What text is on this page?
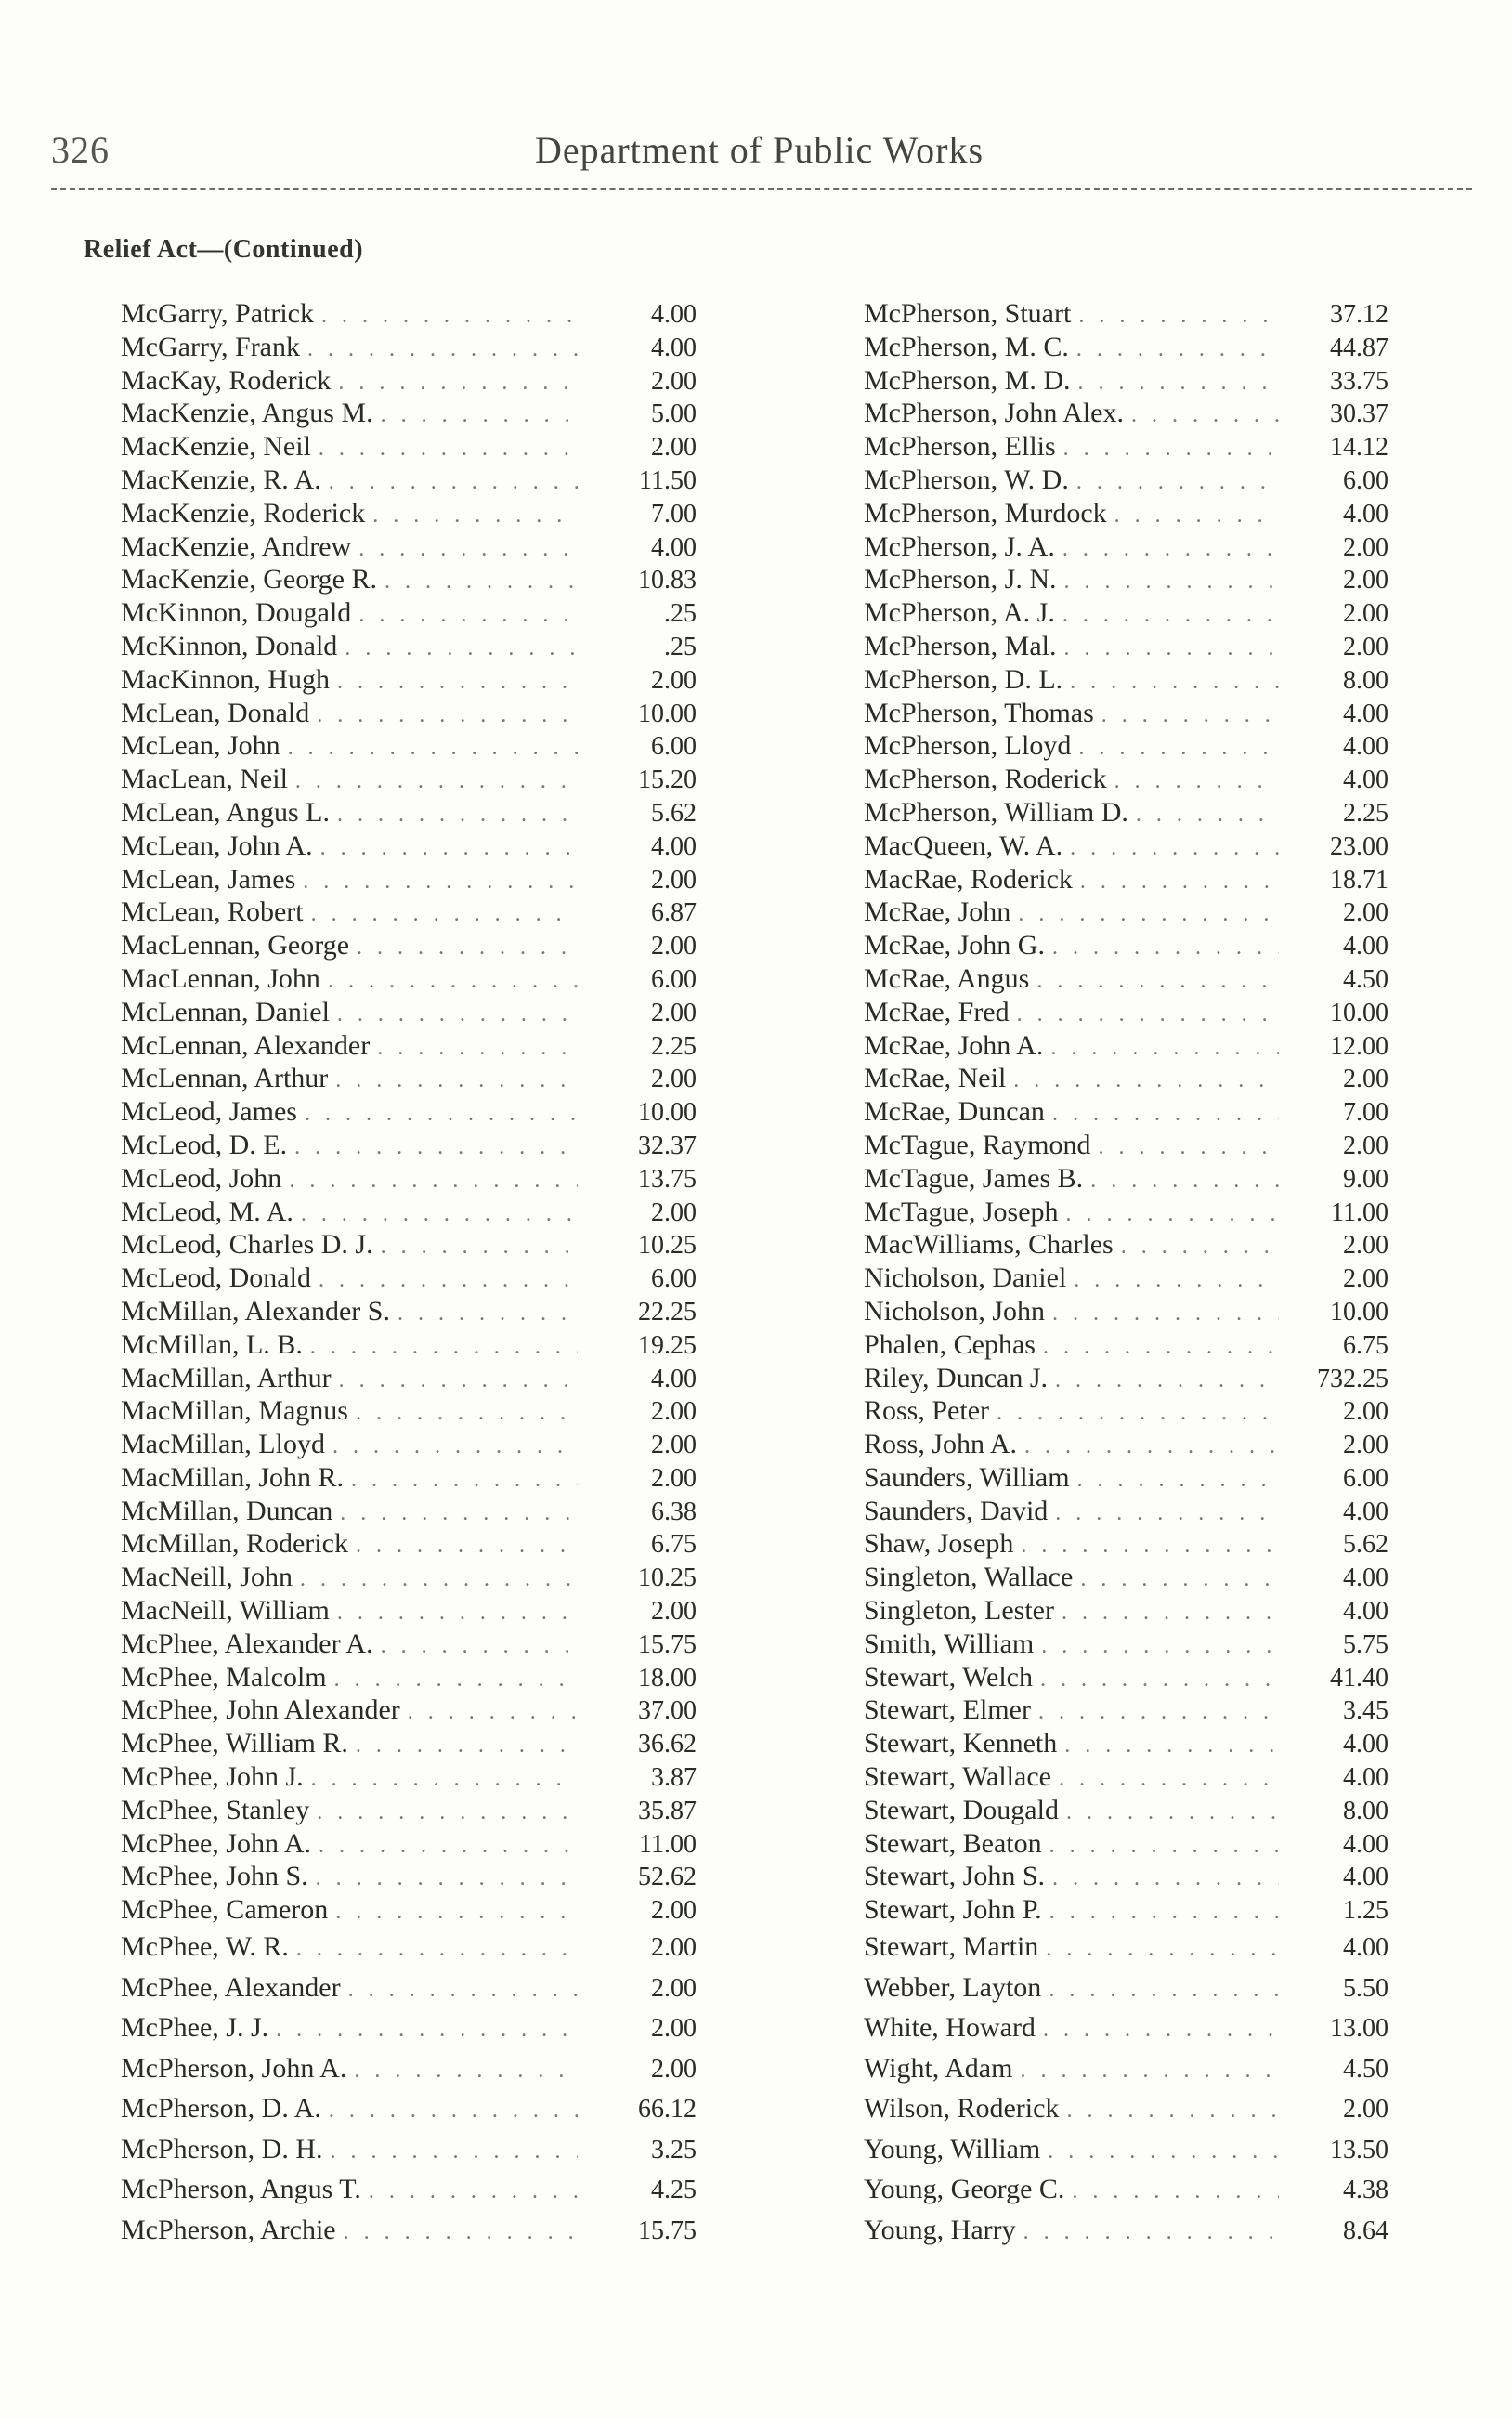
326	Department of Public Works
Relief Act—(Continued)
McGarry, Patrick . . .	4.00
McGarry, Frank . . .	4.00
MacKay, Roderick . . .	2.00
MacKenzie, Angus M. . . .	5.00
MacKenzie, Neil . . .	2.00
MacKenzie, R. A. . . .	11.50
MacKenzie, Roderick . . .	7.00
MacKenzie, Andrew . . .	4.00
MacKenzie, George R. . . .	10.83
McKinnon, Dougald . . .	.25
McKinnon, Donald . . .	.25
MacKinnon, Hugh . . .	2.00
McLean, Donald . . .	10.00
McLean, John . . .	6.00
MacLean, Neil . . .	15.20
McLean, Angus L. . . .	5.62
McLean, John A. . . .	4.00
McLean, James . . .	2.00
McLean, Robert . . .	6.87
MacLennan, George . . .	2.00
MacLennan, John . . .	6.00
McLennan, Daniel . . .	2.00
McLennan, Alexander . . .	2.25
McLennan, Arthur . . .	2.00
McLeod, James . . .	10.00
McLeod, D. E. . . .	32.37
McLeod, John . . .	13.75
McLeod, M. A. . . .	2.00
McLeod, Charles D. J. . . .	10.25
McLeod, Donald . . .	6.00
McMillan, Alexander S. . . .	22.25
McMillan, L. B. . . .	19.25
MacMillan, Arthur . . .	4.00
MacMillan, Magnus . . .	2.00
MacMillan, Lloyd . . .	2.00
MacMillan, John R. . . .	2.00
McMillan, Duncan . . .	6.38
McMillan, Roderick . . .	6.75
MacNeill, John . . .	10.25
MacNeill, William . . .	2.00
McPhee, Alexander A. . . .	15.75
McPhee, Malcolm . . .	18.00
McPhee, John Alexander . . .	37.00
McPhee, William R. . . .	36.62
McPhee, John J. . . .	3.87
McPhee, Stanley . . .	35.87
McPhee, John A. . . .	11.00
McPhee, John S. . . .	52.62
McPhee, Cameron . . .	2.00
McPhee, W. R. . . .	2.00
McPhee, Alexander . . .	2.00
McPhee, J. J. . . .	2.00
McPherson, John A. . . .	2.00
McPherson, D. A. . . .	66.12
McPherson, D. H. . . .	3.25
McPherson, Angus T. . . .	4.25
McPherson, Archie . . .	15.75
McPherson, Stuart . . .	37.12
McPherson, M. C. . . .	44.87
McPherson, M. D. . . .	33.75
McPherson, John Alex. . . .	30.37
McPherson, Ellis . . .	14.12
McPherson, W. D. . . .	6.00
McPherson, Murdock . . .	4.00
McPherson, J. A. . . .	2.00
McPherson, J. N. . . .	2.00
McPherson, A. J. . . .	2.00
McPherson, Mal. . . .	2.00
McPherson, D. L. . . .	8.00
McPherson, Thomas . . .	4.00
McPherson, Lloyd . . .	4.00
McPherson, Roderick . . .	4.00
McPherson, William D. . . .	2.25
MacQueen, W. A. . . .	23.00
MacRae, Roderick . . .	18.71
McRae, John . . .	2.00
McRae, John G. . . .	4.00
McRae, Angus . . .	4.50
McRae, Fred . . .	10.00
McRae, John A. . . .	12.00
McRae, Neil . . .	2.00
McRae, Duncan . . .	7.00
McTague, Raymond . . .	2.00
McTague, James B. . . .	9.00
McTague, Joseph . . .	11.00
MacWilliams, Charles . . .	2.00
Nicholson, Daniel . . .	2.00
Nicholson, John . . .	10.00
Phalen, Cephas . . .	6.75
Riley, Duncan J. . . .	732.25
Ross, Peter . . .	2.00
Ross, John A. . . .	2.00
Saunders, William . . .	6.00
Saunders, David . . .	4.00
Shaw, Joseph . . .	5.62
Singleton, Wallace . . .	4.00
Singleton, Lester . . .	4.00
Smith, William . . .	5.75
Stewart, Welch . . .	41.40
Stewart, Elmer . . .	3.45
Stewart, Kenneth . . .	4.00
Stewart, Wallace . . .	4.00
Stewart, Dougald . . .	8.00
Stewart, Beaton . . .	4.00
Stewart, John S. . . .	4.00
Stewart, John P. . . .	1.25
Stewart, Martin . . .	4.00
Webber, Layton . . .	5.50
White, Howard . . .	13.00
Wight, Adam . . .	4.50
Wilson, Roderick . . .	2.00
Young, William . . .	13.50
Young, George C. . . .	4.38
Young, Harry . . .	8.64
